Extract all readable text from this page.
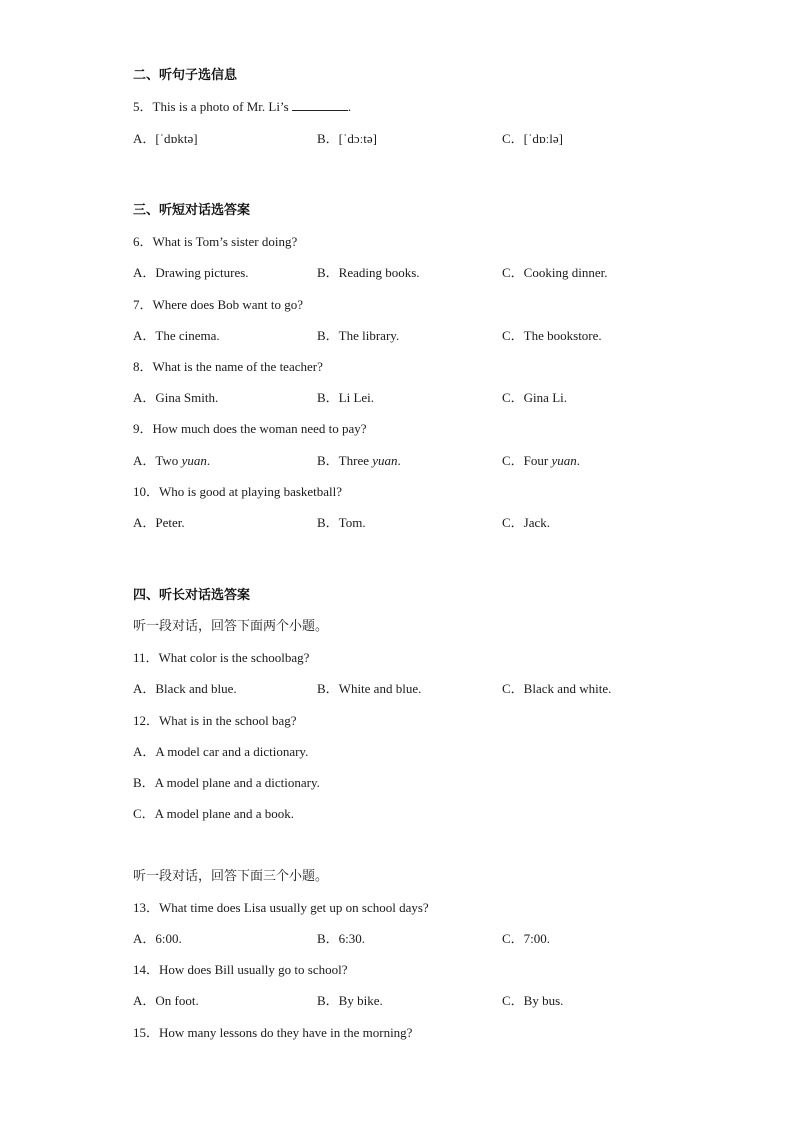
二、听句子选信息
5．This is a photo of Mr. Li’s	.
A．[ˈdɒktə]	B．[ˈdɔːtə]	C．[ˈdɒːlə]
三、听短对话选答案
6．What is Tom’s sister doing?
A．Drawing pictures.	B．Reading books.	C．Cooking dinner.
7．Where does Bob want to go?
A．The cinema.	B．The library.	C．The bookstore.
8．What is the name of the teacher?
A．Gina Smith.	B．Li Lei.	C．Gina Li.
9．How much does the woman need to pay?
A．Two yuan.	B．Three yuan.	C．Four yuan.
10．Who is good at playing basketball?
A．Peter.	B．Tom.	C．Jack.
四、听长对话选答案
听一段对话，回答下面两个小题。
11．What color is the schoolbag?
A．Black and blue.	B．White and blue.	C．Black and white.
12．What is in the school bag?
A．A model car and a dictionary.
B．A model plane and a dictionary.
C．A model plane and a book.
听一段对话，回答下面三个小题。
13．What time does Lisa usually get up on school days?
A．6:00.	B．6:30.	C．7:00.
14．How does Bill usually go to school?
A．On foot.	B．By bike.	C．By bus.
15．How many lessons do they have in the morning?
